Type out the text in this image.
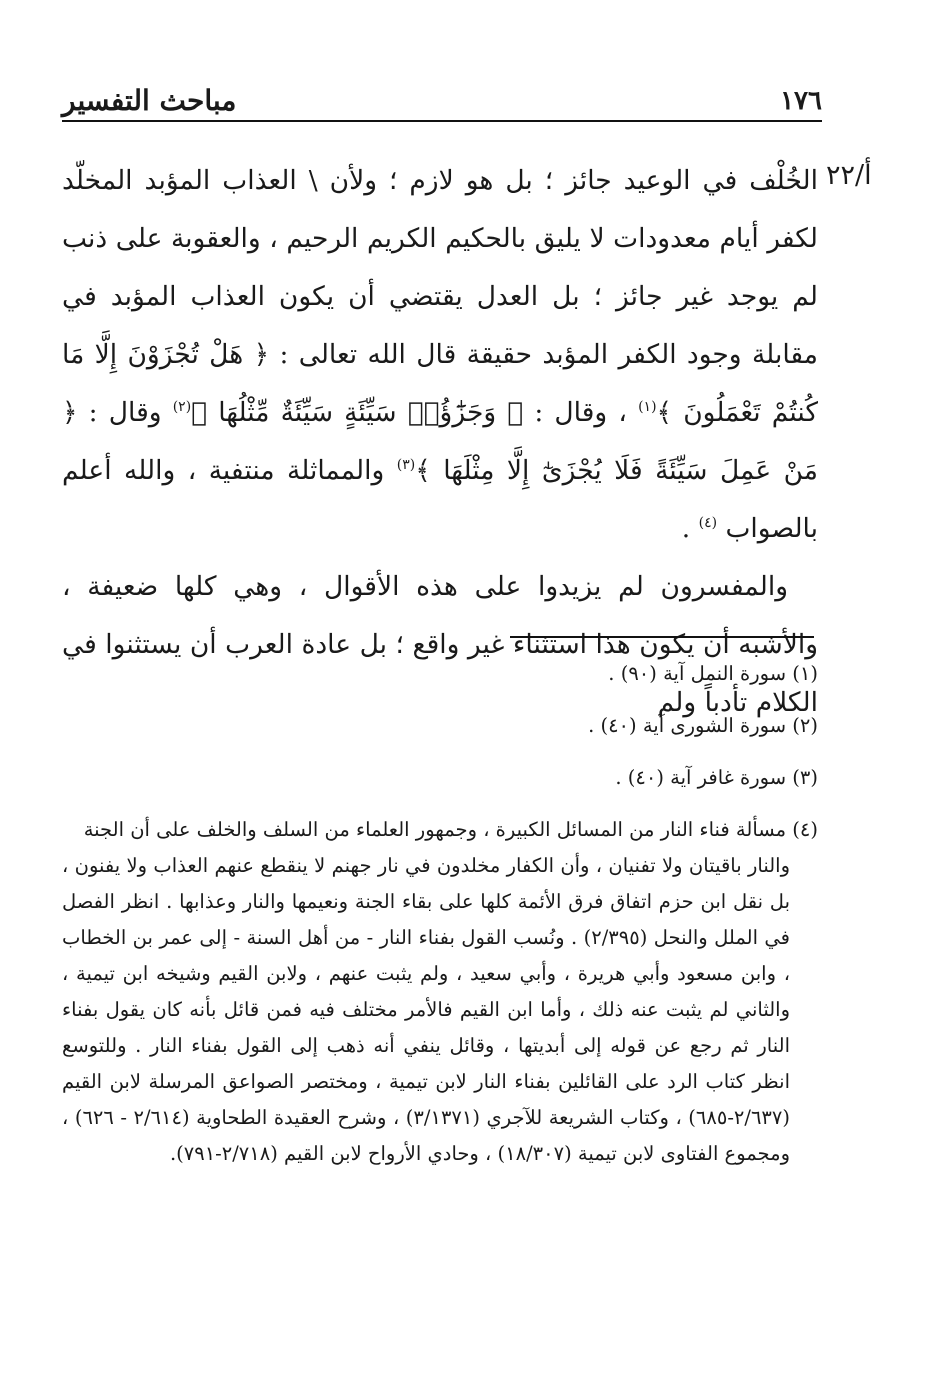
١٧٦
مباحث التفسير
أ/٢٢

الخُلْف في الوعيد جائز ؛ بل هو لازم ؛ ولأن \ العذاب المؤبد المخلّد لكفر أيام معدودات لا يليق بالحكيم الكريم الرحيم ، والعقوبة على ذنب لم يوجد غير جائز ؛ بل العدل يقتضي أن يكون العذاب المؤبد في مقابلة وجود الكفر المؤبد حقيقة قال الله تعالى : ﴿ هَلْ تُجْزَوْنَ إِلَّا مَا كُنتُمْ تَعْمَلُونَ ﴾$^{(١)}$ ، وقال : ﴿ وَجَزَٰٓؤُا۟ سَيِّئَةٍ سَيِّئَةٌ مِّثْلُهَا ﴾$^{(٢)}$ وقال : ﴿ مَنْ عَمِلَ سَيِّئَةً فَلَا يُجْزَىٰٓ إِلَّا مِثْلَهَا ﴾$^{(٣)}$ والمماثلة منتفية ، والله أعلم بالصواب $^{(٤)}$ .

والمفسرون لم يزيدوا على هذه الأقوال ، وهي كلها ضعيفة ، والأشبه أن يكون هذا استثناء غير واقع ؛ بل عادة العرب أن يستثنوا في الكلام تأدباً ولم

(١) سورة النمل آية (٩٠) .

(٢) سورة الشورى آية (٤٠) .

(٣) سورة غافر آية (٤٠) .

(٤) مسألة فناء النار من المسائل الكبيرة ، وجمهور العلماء من السلف والخلف على أن الجنة

والنار باقيتان ولا تفنيان ، وأن الكفار مخلدون في نار جهنم لا ينقطع عنهم العذاب ولا يفنون ، بل نقل ابن حزم اتفاق فرق الأئمة كلها على بقاء الجنة ونعيمها والنار وعذابها . انظر الفصل في الملل والنحل (٢/٣٩٥) . ونُسب القول بفناء النار - من أهل السنة - إلى عمر بن الخطاب ، وابن مسعود وأبي هريرة ، وأبي سعيد ، ولم يثبت عنهم ، ولابن القيم وشيخه ابن تيمية ، والثاني لم يثبت عنه ذلك ، وأما ابن القيم فالأمر مختلف فيه فمن قائل بأنه كان يقول بفناء النار ثم رجع عن قوله إلى أبديتها ، وقائل ينفي أنه ذهب إلى القول بفناء النار . وللتوسع انظر كتاب الرد على القائلين بفناء النار لابن تيمية ، ومختصر الصواعق المرسلة لابن القيم (٢/٦٣٧-٦٨٥) ، وكتاب الشريعة للآجري (٣/١٣٧١) ، وشرح العقيدة الطحاوية (٢/٦١٤ - ٦٢٦) ، ومجموع الفتاوى لابن تيمية (١٨/٣٠٧) ، وحادي الأرواح لابن القيم (٢/٧١٨-٧٩١).
